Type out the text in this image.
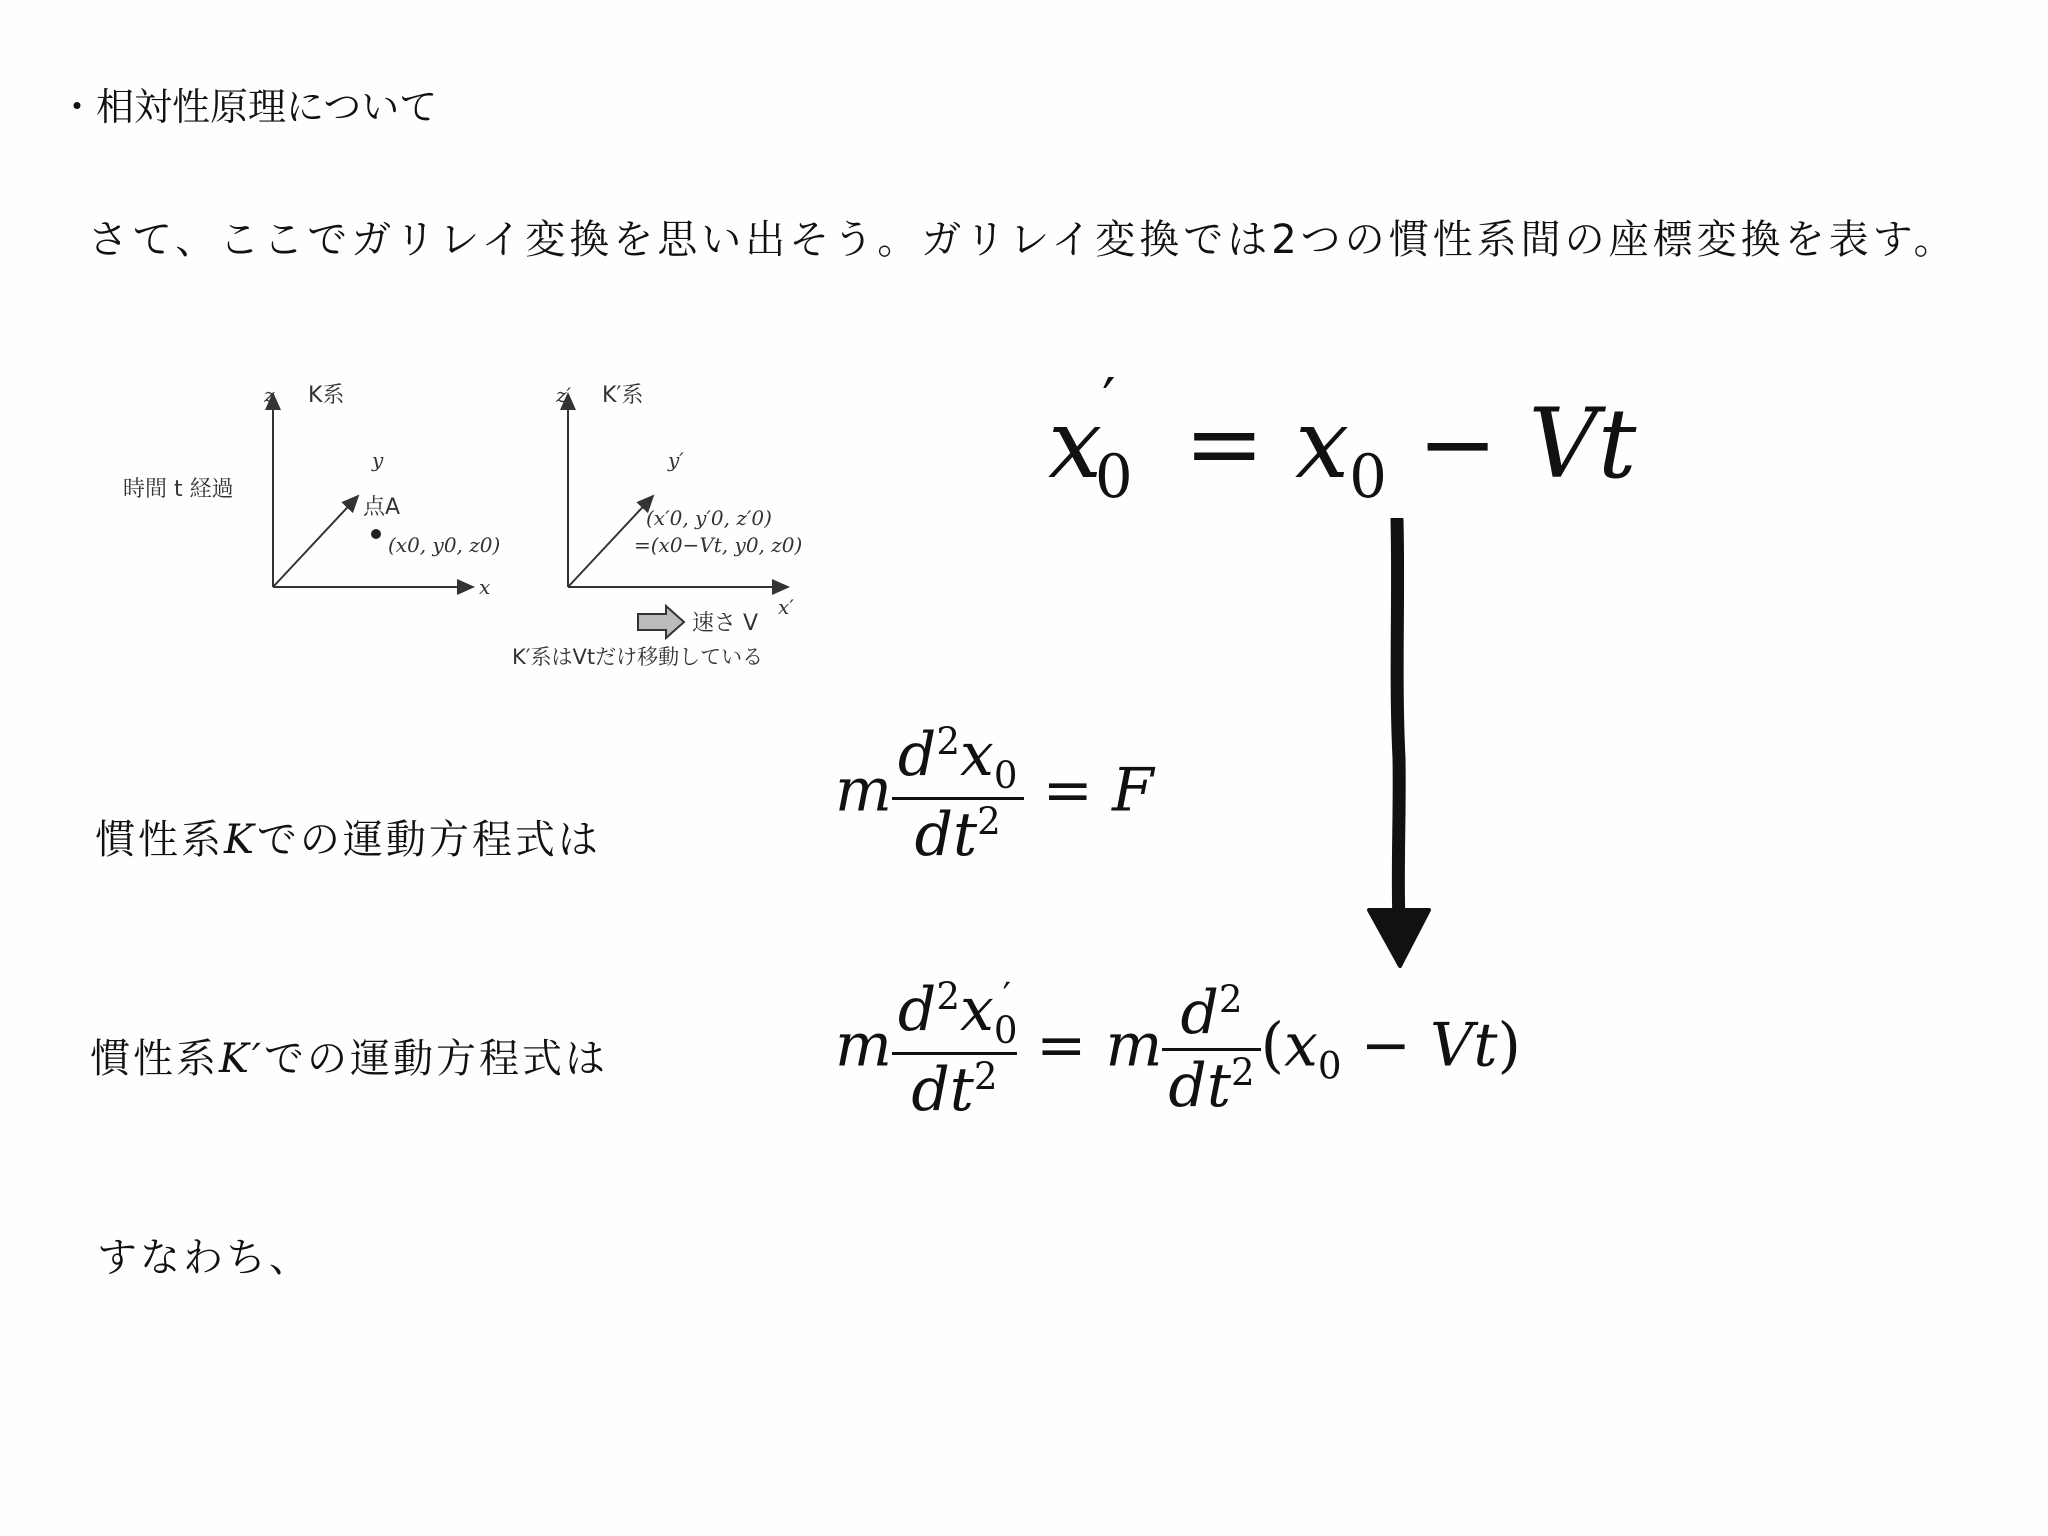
・相対性原理について
さて、ここでガリレイ変換を思い出そう。ガリレイ変換では2つの慣性系間の座標変換を表す。
時間 t 経過
z K系
y
x
点A
(x0, y0, z0)
z′ K′系
y′
x′
(x′0, y′0, z′0)
=(x0−Vt, y0, z0)
速さ V
K′系はVtだけ移動している
$x'_0 = x_0 - Vt$
慣性系Kでの運動方程式は
m $\frac{d^2x_0}{dt^2} = F$
慣性系K′での運動方程式は	m $\frac{d^2x_0'}{dt^2} = m \frac{d^2}{dt^2} (x_0 - Vt)$
すなわち、
